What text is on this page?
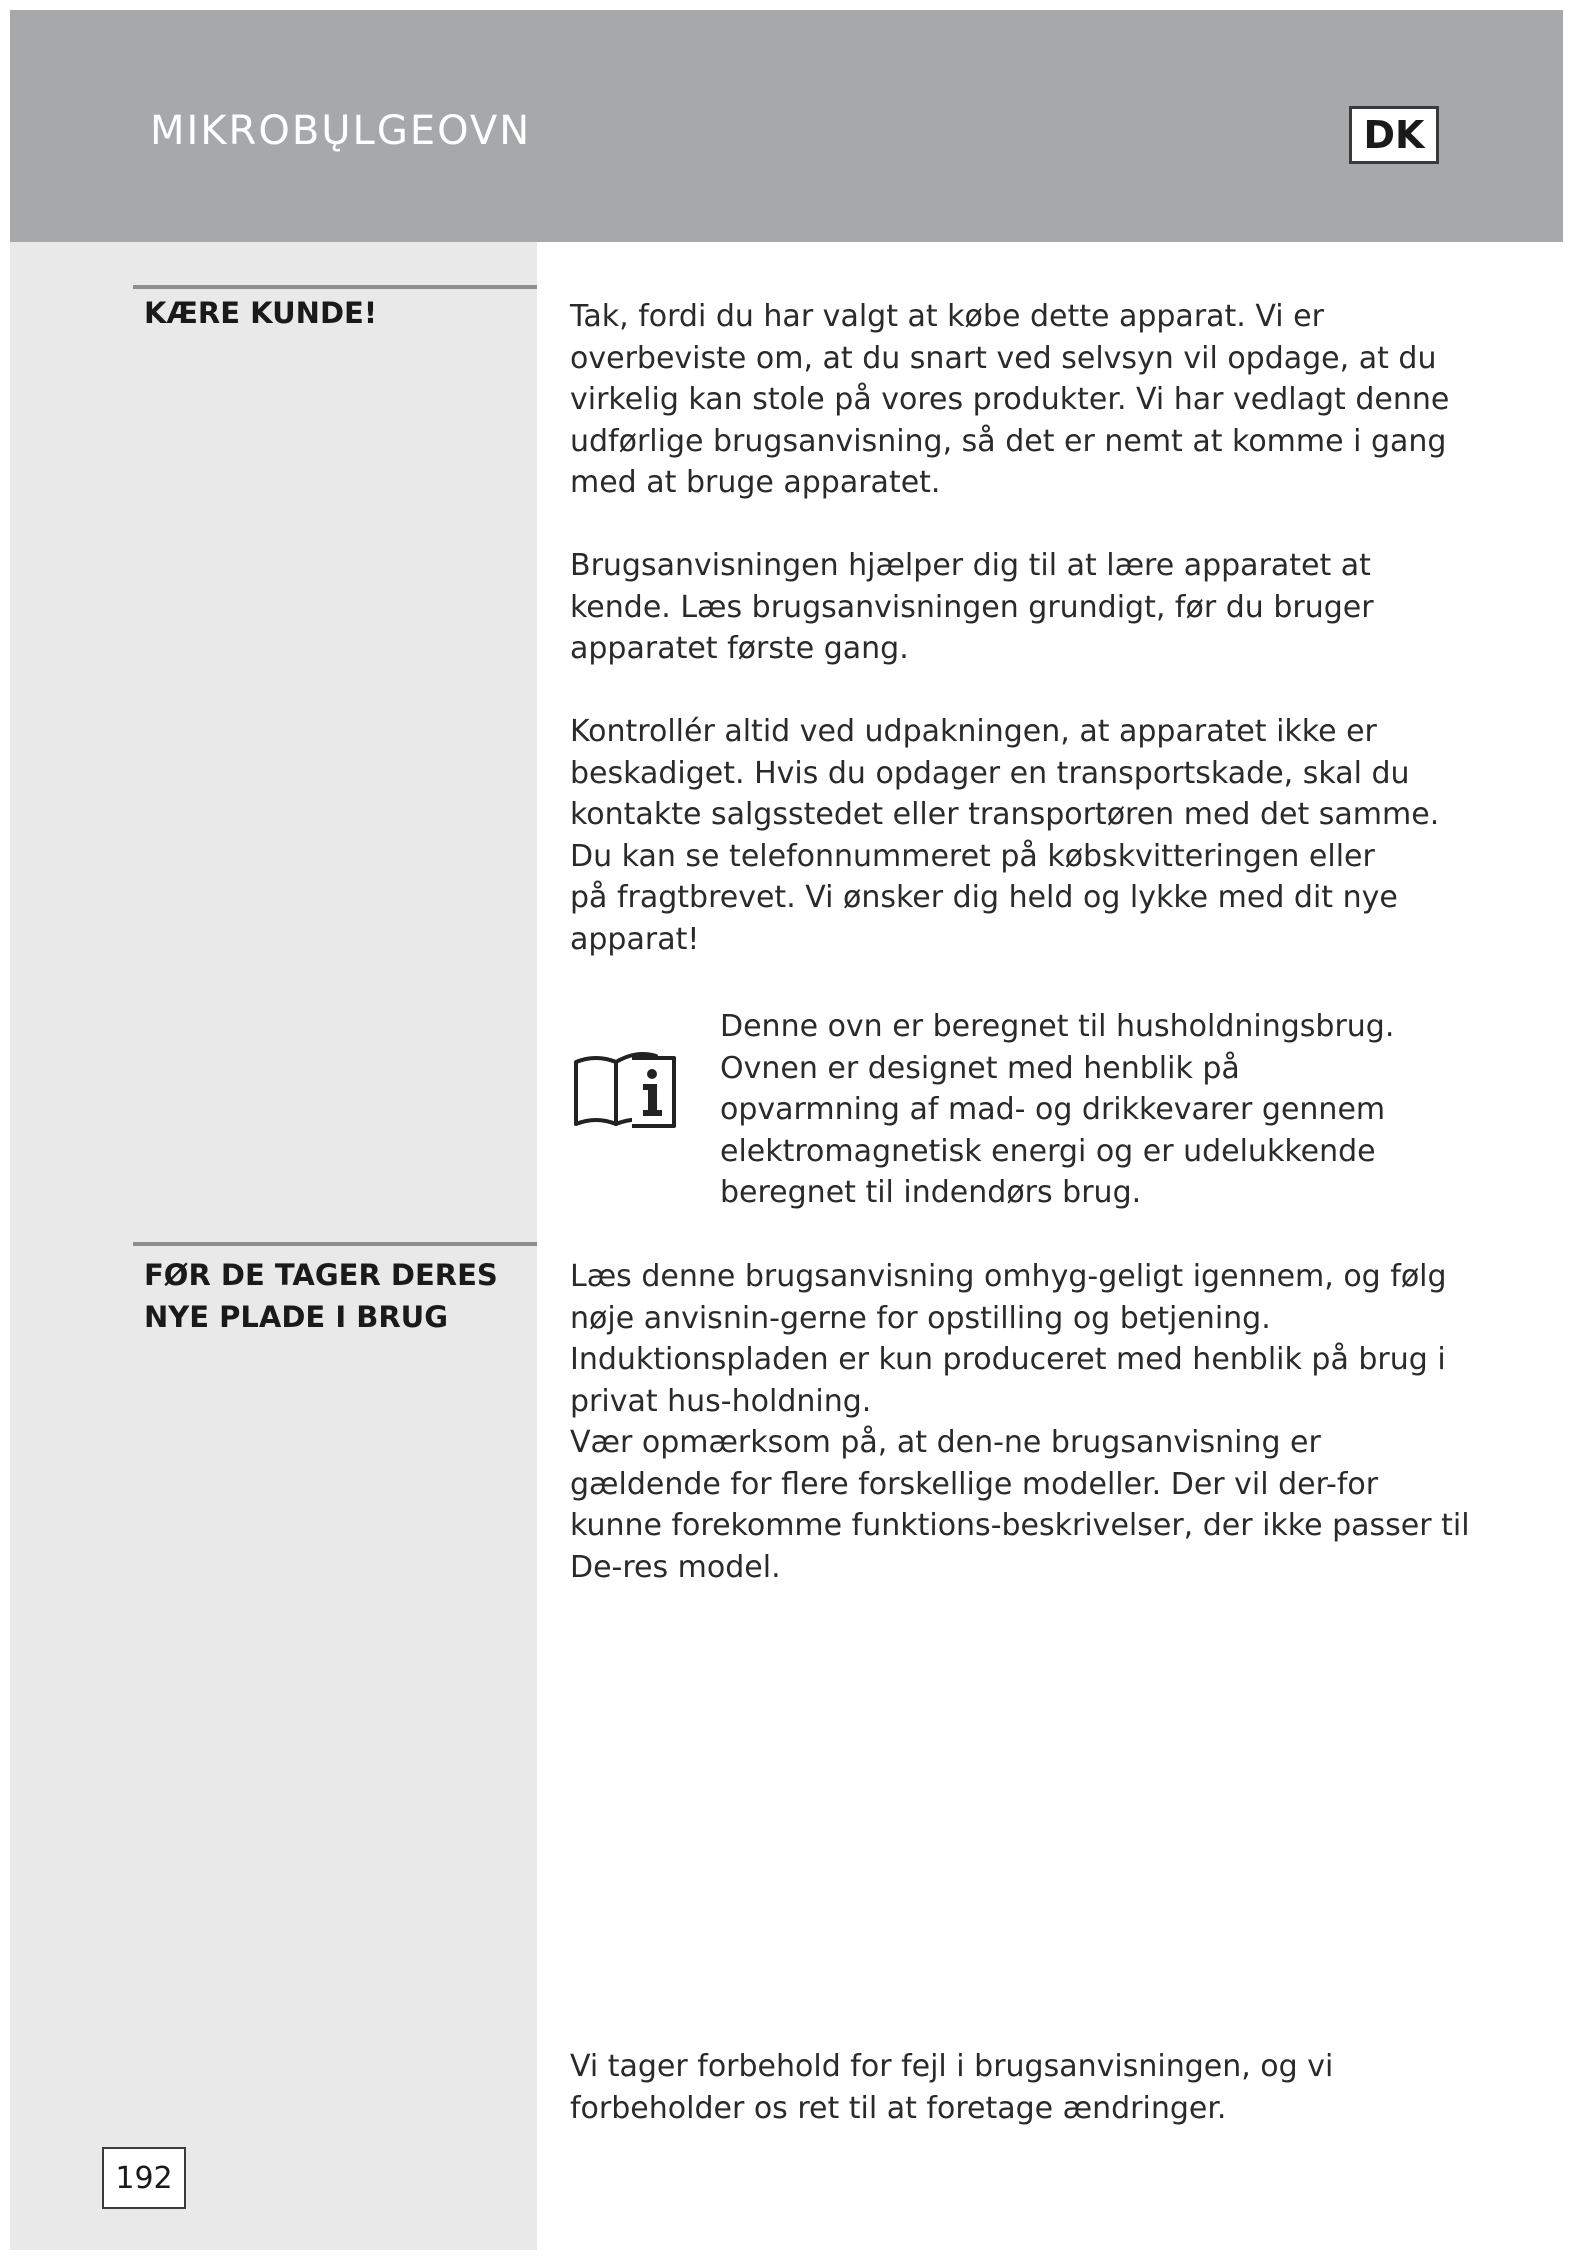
MIKROBŲLGEOVN	DK
KÆRE KUNDE!	Tak, fordi du har valgt at købe dette apparat. Vi er
overbeviste om, at du snart ved selvsyn vil opdage, at du
virkelig kan stole på vores produkter. Vi har vedlagt denne
udførlige brugsanvisning, så det er nemt at komme i gang
med at bruge apparatet.

Brugsanvisningen hjælper dig til at lære apparatet at
kende. Læs brugsanvisningen grundigt, før du bruger
apparatet første gang.

Kontrollér altid ved udpakningen, at apparatet ikke er
beskadiget. Hvis du opdager en transportskade, skal du
kontakte salgsstedet eller transportøren med det samme.
Du kan se telefonnummeret på købskvitteringen eller
på fragtbrevet. Vi ønsker dig held og lykke med dit nye
apparat!

Denne ovn er beregnet til husholdningsbrug.
Ovnen er designet med henblik på
opvarmning af mad- og drikkevarer gennem
elektromagnetisk energi og er udelukkende
beregnet til indendørs brug.

FØR DE TAGER DERES NYE PLADE I BRUG

Læs denne brugsanvisning omhyg-geligt igennem, og følg
nøje anvisnin-gerne for opstilling og betjening.
Induktionspladen er kun produceret med henblik på brug i
privat hus-holdning.
Vær opmærksom på, at den-ne brugsanvisning er
gældende for flere forskellige modeller. Der vil der-for
kunne forekomme funktions-beskrivelser, der ikke passer til
De-res model.

Vi tager forbehold for fejl i brugsanvisningen, og vi
forbeholder os ret til at foretage ændringer.

192
